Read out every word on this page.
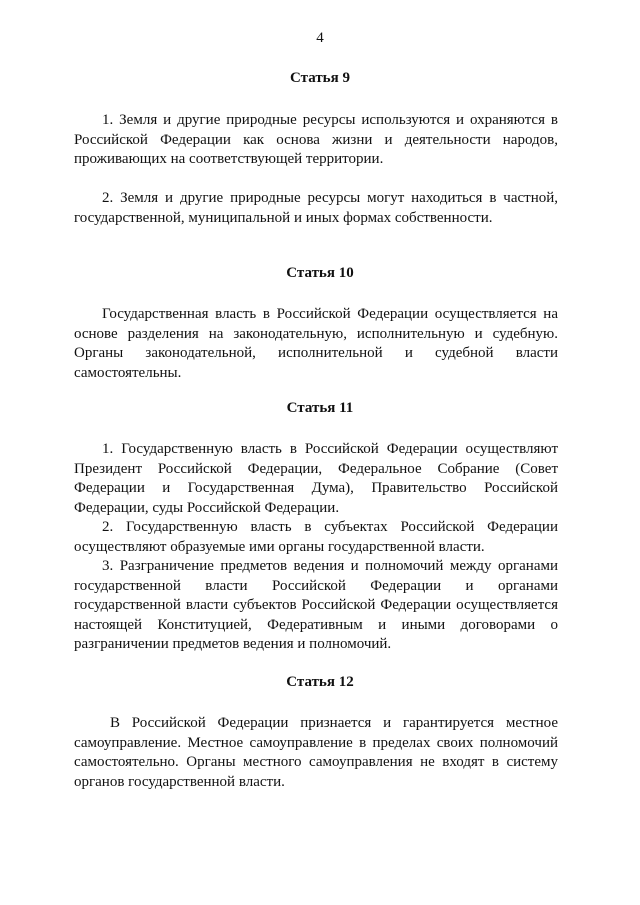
4
Статья 9

1. Земля и другие природные ресурсы используются и охраняются в Российской Федерации как основа жизни и деятельности народов, проживающих на соответствующей территории.

2. Земля и другие природные ресурсы могут находиться в частной, государственной, муниципальной и иных формах собственности.

Статья 10

Государственная власть в Российской Федерации осуществляется на основе разделения на законодательную, исполнительную и судебную. Органы законодательной, исполнительной и судебной власти самостоятельны.

Статья 11

1. Государственную власть в Российской Федерации осуществляют Президент Российской Федерации, Федеральное Собрание (Совет Федерации и Государственная Дума), Правительство Российской Федерации, суды Российской Федерации.

2. Государственную власть в субъектах Российской Федерации осуществляют образуемые ими органы государственной власти.

3. Разграничение предметов ведения и полномочий между органами государственной власти Российской Федерации и органами государственной власти субъектов Российской Федерации осуществляется настоящей Конституцией, Федеративным и иными договорами о разграничении предметов ведения и полномочий.

Статья 12

В Российской Федерации признается и гарантируется местное самоуправление. Местное самоуправление в пределах своих полномочий самостоятельно. Органы местного самоуправления не входят в систему органов государственной власти.
